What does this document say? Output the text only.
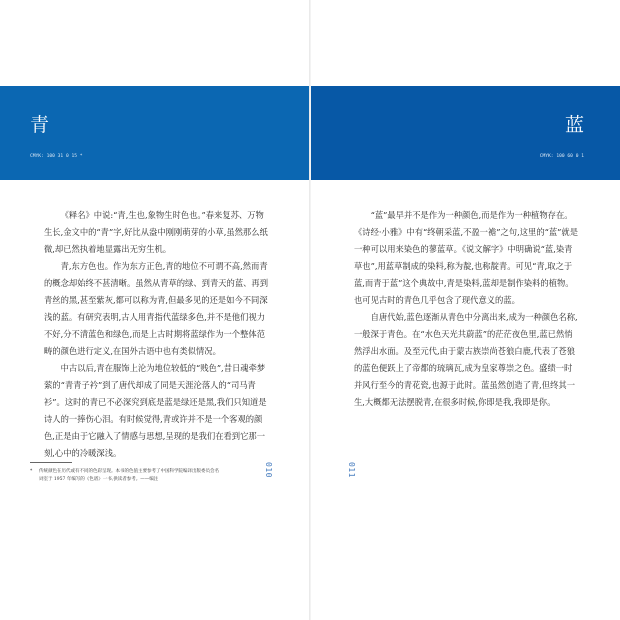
青
CMYK: 100 31 0 15 *

《释名》中说:“青,生也,象物生时色也。”春来复苏、万物生长,金文中的“青”字,好比从盎中刚刚萌芽的小草,虽然那么纸微,却已然执着地显露出无穷生机。

青,东方色也。作为东方正色,青的地位不可谓不高,然而青的概念却始终不甚清晰。虽然从青草的绿、到青天的蓝、再到青丝的黑,甚至紫灰,都可以称为青,但最多见的还是如今不同深浅的蓝。有研究表明,古人用青指代蓝绿多色,并不是他们视力不好,分不清蓝色和绿色,而是上古时期将蓝绿作为一个整体范畴的颜色进行定义,在国外古语中也有类似情况。

中古以后,青在服饰上沦为地位较低的“贱色”,昔日魂牵梦萦的“青青子衿”到了唐代却成了同是天涯沦落人的“司马青衫”。这时的青已不必深究到底是蓝是绿还是黑,我们只知道是诗人的一捧伤心泪。有时候觉得,青或许并不是一个客观的颜色,正是由于它融入了情感与思想,呈现的是我们在看到它那一刻,心中的冷暖深浅。

*	传统颜色在历代或有不同的色彩呈现。本书的色值主要参考了中国科学院编译出版委员会名词室于 1957 年编写的《色谱》一书,供读者参考。——编注
010
蓝
CMYK: 100 60 0 1

“蓝”最早并不是作为一种颜色,而是作为一种植物存在。《诗经·小雅》中有“终朝采蓝,不盈一襜”之句,这里的“蓝”就是一种可以用来染色的蓼蓝草。《说文解字》中明确说“蓝,染青草也”,用蓝草制成的染料,称为靛,也称靛青。可见“青,取之于蓝,而青于蓝”这个典故中,青是染料,蓝却是制作染料的植物。也可见古时的青色几乎包含了现代意义的蓝。

自唐代始,蓝色逐渐从青色中分离出来,成为一种颜色名称,一般深于青色。在“水色天光共蔚蓝”的茫茫夜色里,蓝已然悄然浮出水面。及至元代,由于蒙古族崇尚苍狼白鹿,代表了苍狼的蓝色便跃上了帝都的琉璃瓦,成为皇家尊崇之色。盛绩一时并风行至今的青花瓷,也源于此时。蓝虽然创造了青,但终其一生,大概都无法摆脱青,在很多时候,你即是我,我即是你。

011
